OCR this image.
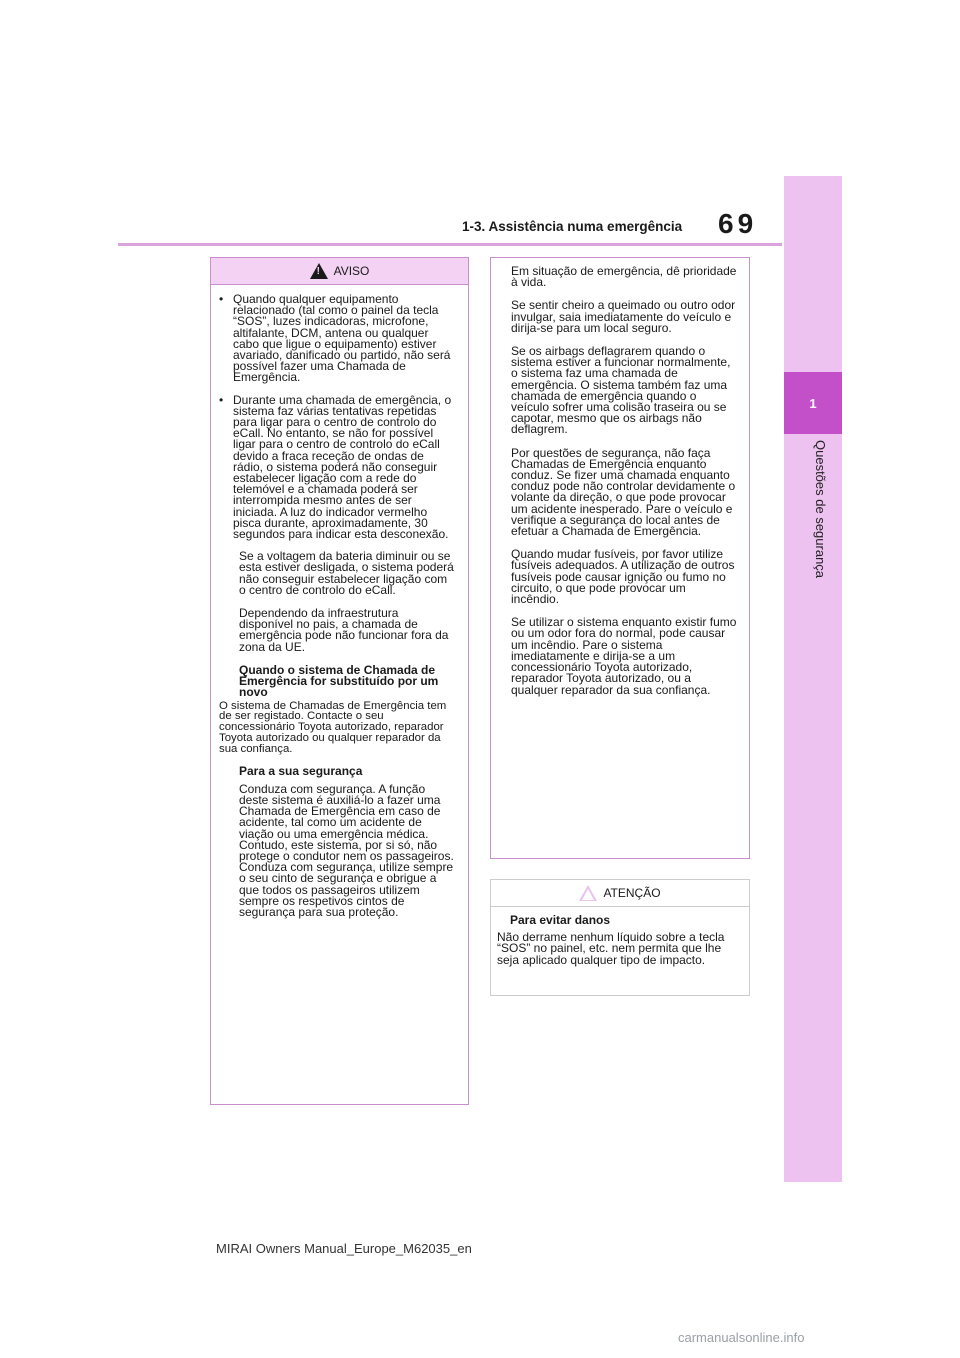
69
1-3. Assistência numa emergência
1
Questões de segurança
!
AVISO
• Quando qualquer equipamento relacionado (tal como o painel da tecla “SOS”, luzes indicadoras, microfone, altifalante, DCM, antena ou qualquer cabo que ligue o equipamento) estiver avariado, danificado ou partido, não será possível fazer uma Chamada de Emergência.
• Durante uma chamada de emergência, o sistema faz várias tentativas repetidas para ligar para o centro de controlo do eCall. No entanto, se não for possível ligar para o centro de controlo do eCall devido a fraca receção de ondas de rádio, o sistema poderá não conseguir estabelecer ligação com a rede do telemóvel e a chamada poderá ser interrompida mesmo antes de ser iniciada. A luz do indicador vermelho pisca durante, aproximadamente, 30 segundos para indicar esta desconexão.

Se a voltagem da bateria diminuir ou se esta estiver desligada, o sistema poderá não conseguir estabelecer ligação com o centro de controlo do eCall.

Dependendo da infraestrutura disponível no pais, a chamada de emergência pode não funcionar fora da zona da UE.

Quando o sistema de Chamada de Emergência for substituído por um novo

O sistema de Chamadas de Emergência tem de ser registado. Contacte o seu concessionário Toyota autorizado, reparador Toyota autorizado ou qualquer reparador da sua confiança.

Para a sua segurança

Conduza com segurança. A função deste sistema é auxiliá-lo a fazer uma Chamada de Emergência em caso de acidente, tal como um acidente de viação ou uma emergência médica. Contudo, este sistema, por si só, não protege o condutor nem os passageiros. Conduza com segurança, utilize sempre o seu cinto de segurança e obrigue a que todos os passageiros utilizem sempre os respetivos cintos de segurança para sua proteção.

Em situação de emergência, dê prioridade à vida.

Se sentir cheiro a queimado ou outro odor invulgar, saia imediatamente do veículo e dirija-se para um local seguro.

Se os airbags deflagrarem quando o sistema estiver a funcionar normalmente, o sistema faz uma chamada de emergência. O sistema também faz uma chamada de emergência quando o veículo sofrer uma colisão traseira ou se capotar, mesmo que os airbags não deflagrem.

Por questões de segurança, não faça Chamadas de Emergência enquanto conduz. Se fizer uma chamada enquanto conduz pode não controlar devidamente o volante da direção, o que pode provocar um acidente inesperado. Pare o veículo e verifique a segurança do local antes de efetuar a Chamada de Emergência.

Quando mudar fusíveis, por favor utilize fusíveis adequados. A utilização de outros fusíveis pode causar ignição ou fumo no circuito, o que pode provocar um incêndio.

Se utilizar o sistema enquanto existir fumo ou um odor fora do normal, pode causar um incêndio. Pare o sistema imediatamente e dirija-se a um concessionário Toyota autorizado, reparador Toyota autorizado, ou a qualquer reparador da sua confiança.

ATENÇÃO

Para evitar danos

Não derrame nenhum líquido sobre a tecla “SOS” no painel, etc. nem permita que lhe seja aplicado qualquer tipo de impacto.

MIRAI Owners Manual_Europe_M62035_en
carmanualsonline.info
